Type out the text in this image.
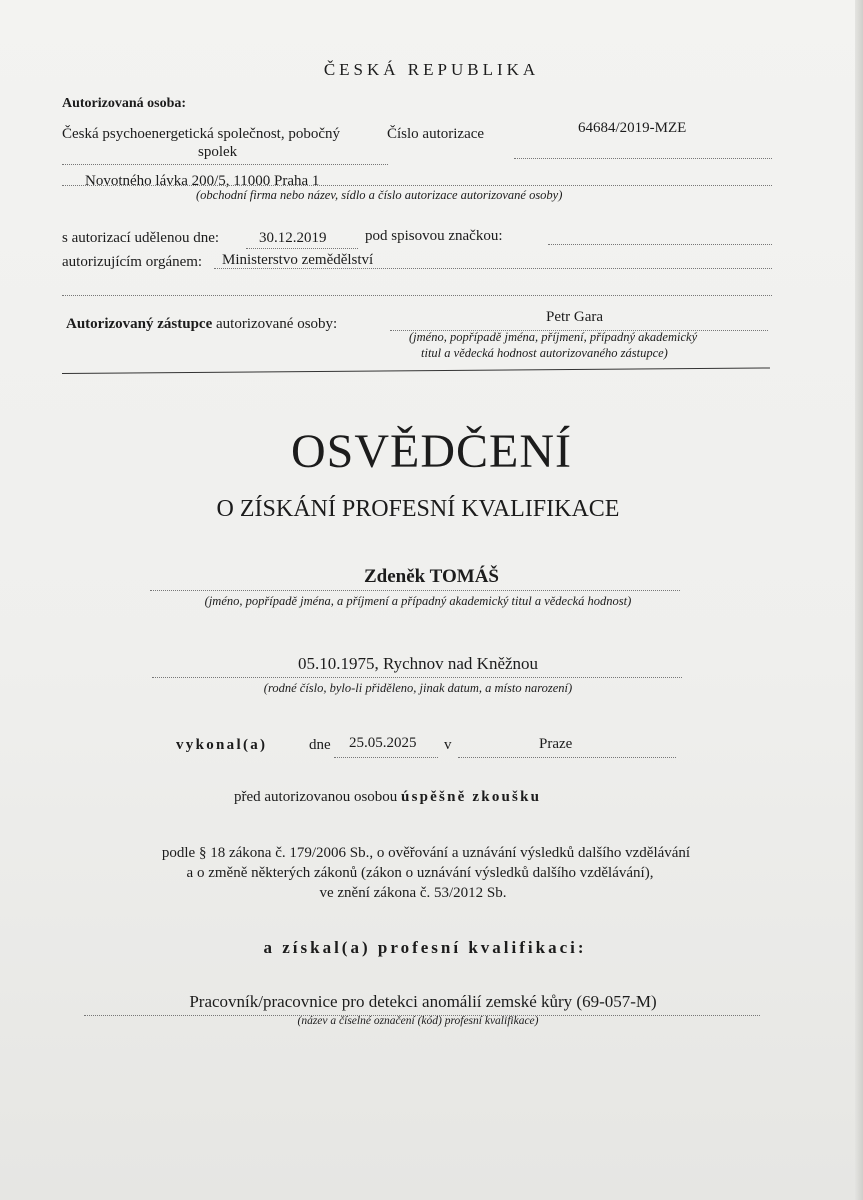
ČESKÁ REPUBLIKA
Autorizovaná osoba:
Česká psychoenergetická společnost, pobočný
spolek
Číslo autorizace	64684/2019-MZE
Novotného lávka 200/5, 11000 Praha 1
(obchodní firma nebo název, sídlo a číslo autorizace autorizované osoby)
s autorizací udělenou dne:	30.12.2019	pod spisovou značkou:
autorizujícím orgánem: Ministerstvo zemědělství
Autorizovaný zástupce autorizované osoby:	Petr Gara
(jméno, popřípadě jména, příjmení, případný akademický
titul a vědecká hodnost autorizovaného zástupce)
OSVĚDČENÍ
O ZÍSKÁNÍ PROFESNÍ KVALIFIKACE
Zdeněk TOMÁŠ
(jméno, popřípadě jména, a příjmení a případný akademický titul a vědecká hodnost)
05.10.1975, Rychnov nad Kněžnou
(rodné číslo, bylo-li přiděleno, jinak datum, a místo narození)
vykonal(a)	dne 25.05.2025 v	Praze
před autorizovanou osobou úspěšně zkoušku
podle § 18 zákona č. 179/2006 Sb., o ověřování a uznávání výsledků dalšího vzdělávání
a o změně některých zákonů (zákon o uznávání výsledků dalšího vzdělávání),
ve znění zákona č. 53/2012 Sb.
a získal(a) profesní kvalifikaci:
Pracovník/pracovnice pro detekci anomálií zemské kůry (69-057-M)
(název a číselné označení (kód) profesní kvalifikace)
